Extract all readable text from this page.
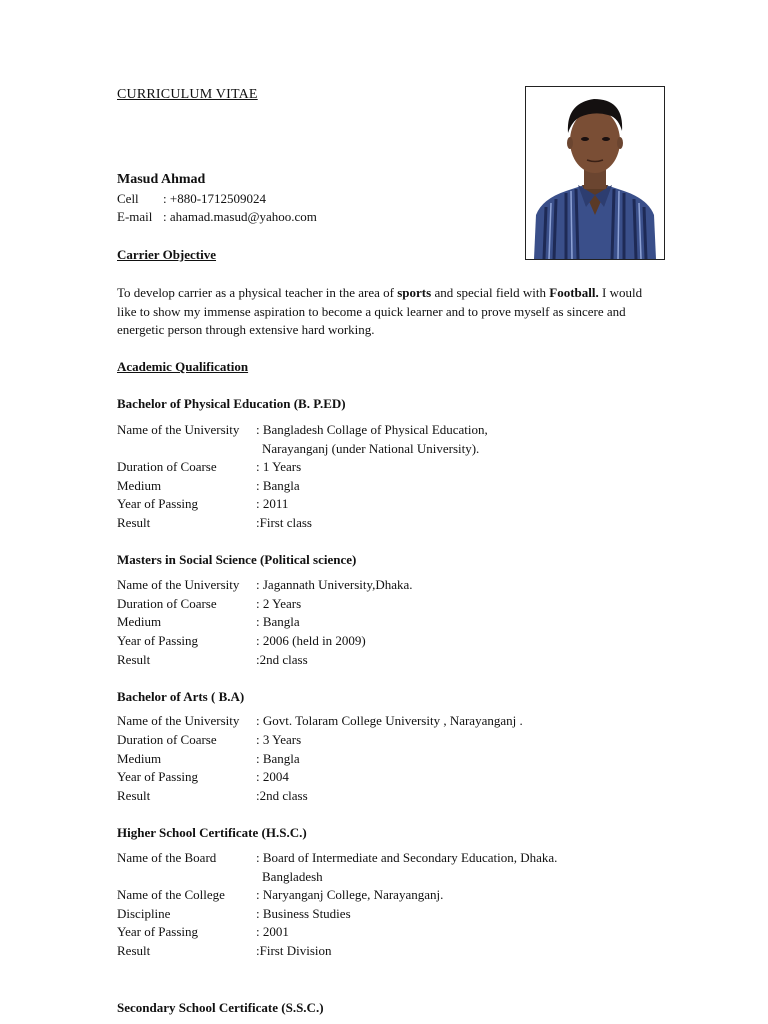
CURRICULUM VITAE
Masud Ahmad
Cell : +880-1712509024
E-mail : ahamad.masud@yahoo.com
Carrier Objective
To develop carrier as a physical teacher in the area of sports and special field with Football. I would like to show my immense aspiration to become a quick learner and to prove myself as sincere and energetic person through extensive hard working.
Academic Qualification
Bachelor of Physical Education (B. P.ED)
Name of the University : Bangladesh Collage of Physical Education,
Narayanganj (under National University).
Duration of Coarse	: 1 Years
Medium	: Bangla
Year of Passing	: 2011
Result	:First class
Masters in Social Science (Political science)
Name of the University : Jagannath University,Dhaka.
Duration of Coarse	: 2 Years
Medium	: Bangla
Year of Passing	: 2006 (held in 2009)
Result	:2nd class
Bachelor of Arts ( B.A)
Name of the University : Govt. Tolaram College University , Narayanganj .
Duration of Coarse	: 3 Years
Medium	: Bangla
Year of Passing	: 2004
Result	:2nd class
Higher School Certificate (H.S.C.)
Name of the Board	: Board of Intermediate and Secondary Education, Dhaka.
Bangladesh
Name of the College : Naryanganj College, Narayanganj.
Discipline	: Business Studies
Year of Passing	: 2001
Result	:First Division
Secondary School Certificate (S.S.C.)
